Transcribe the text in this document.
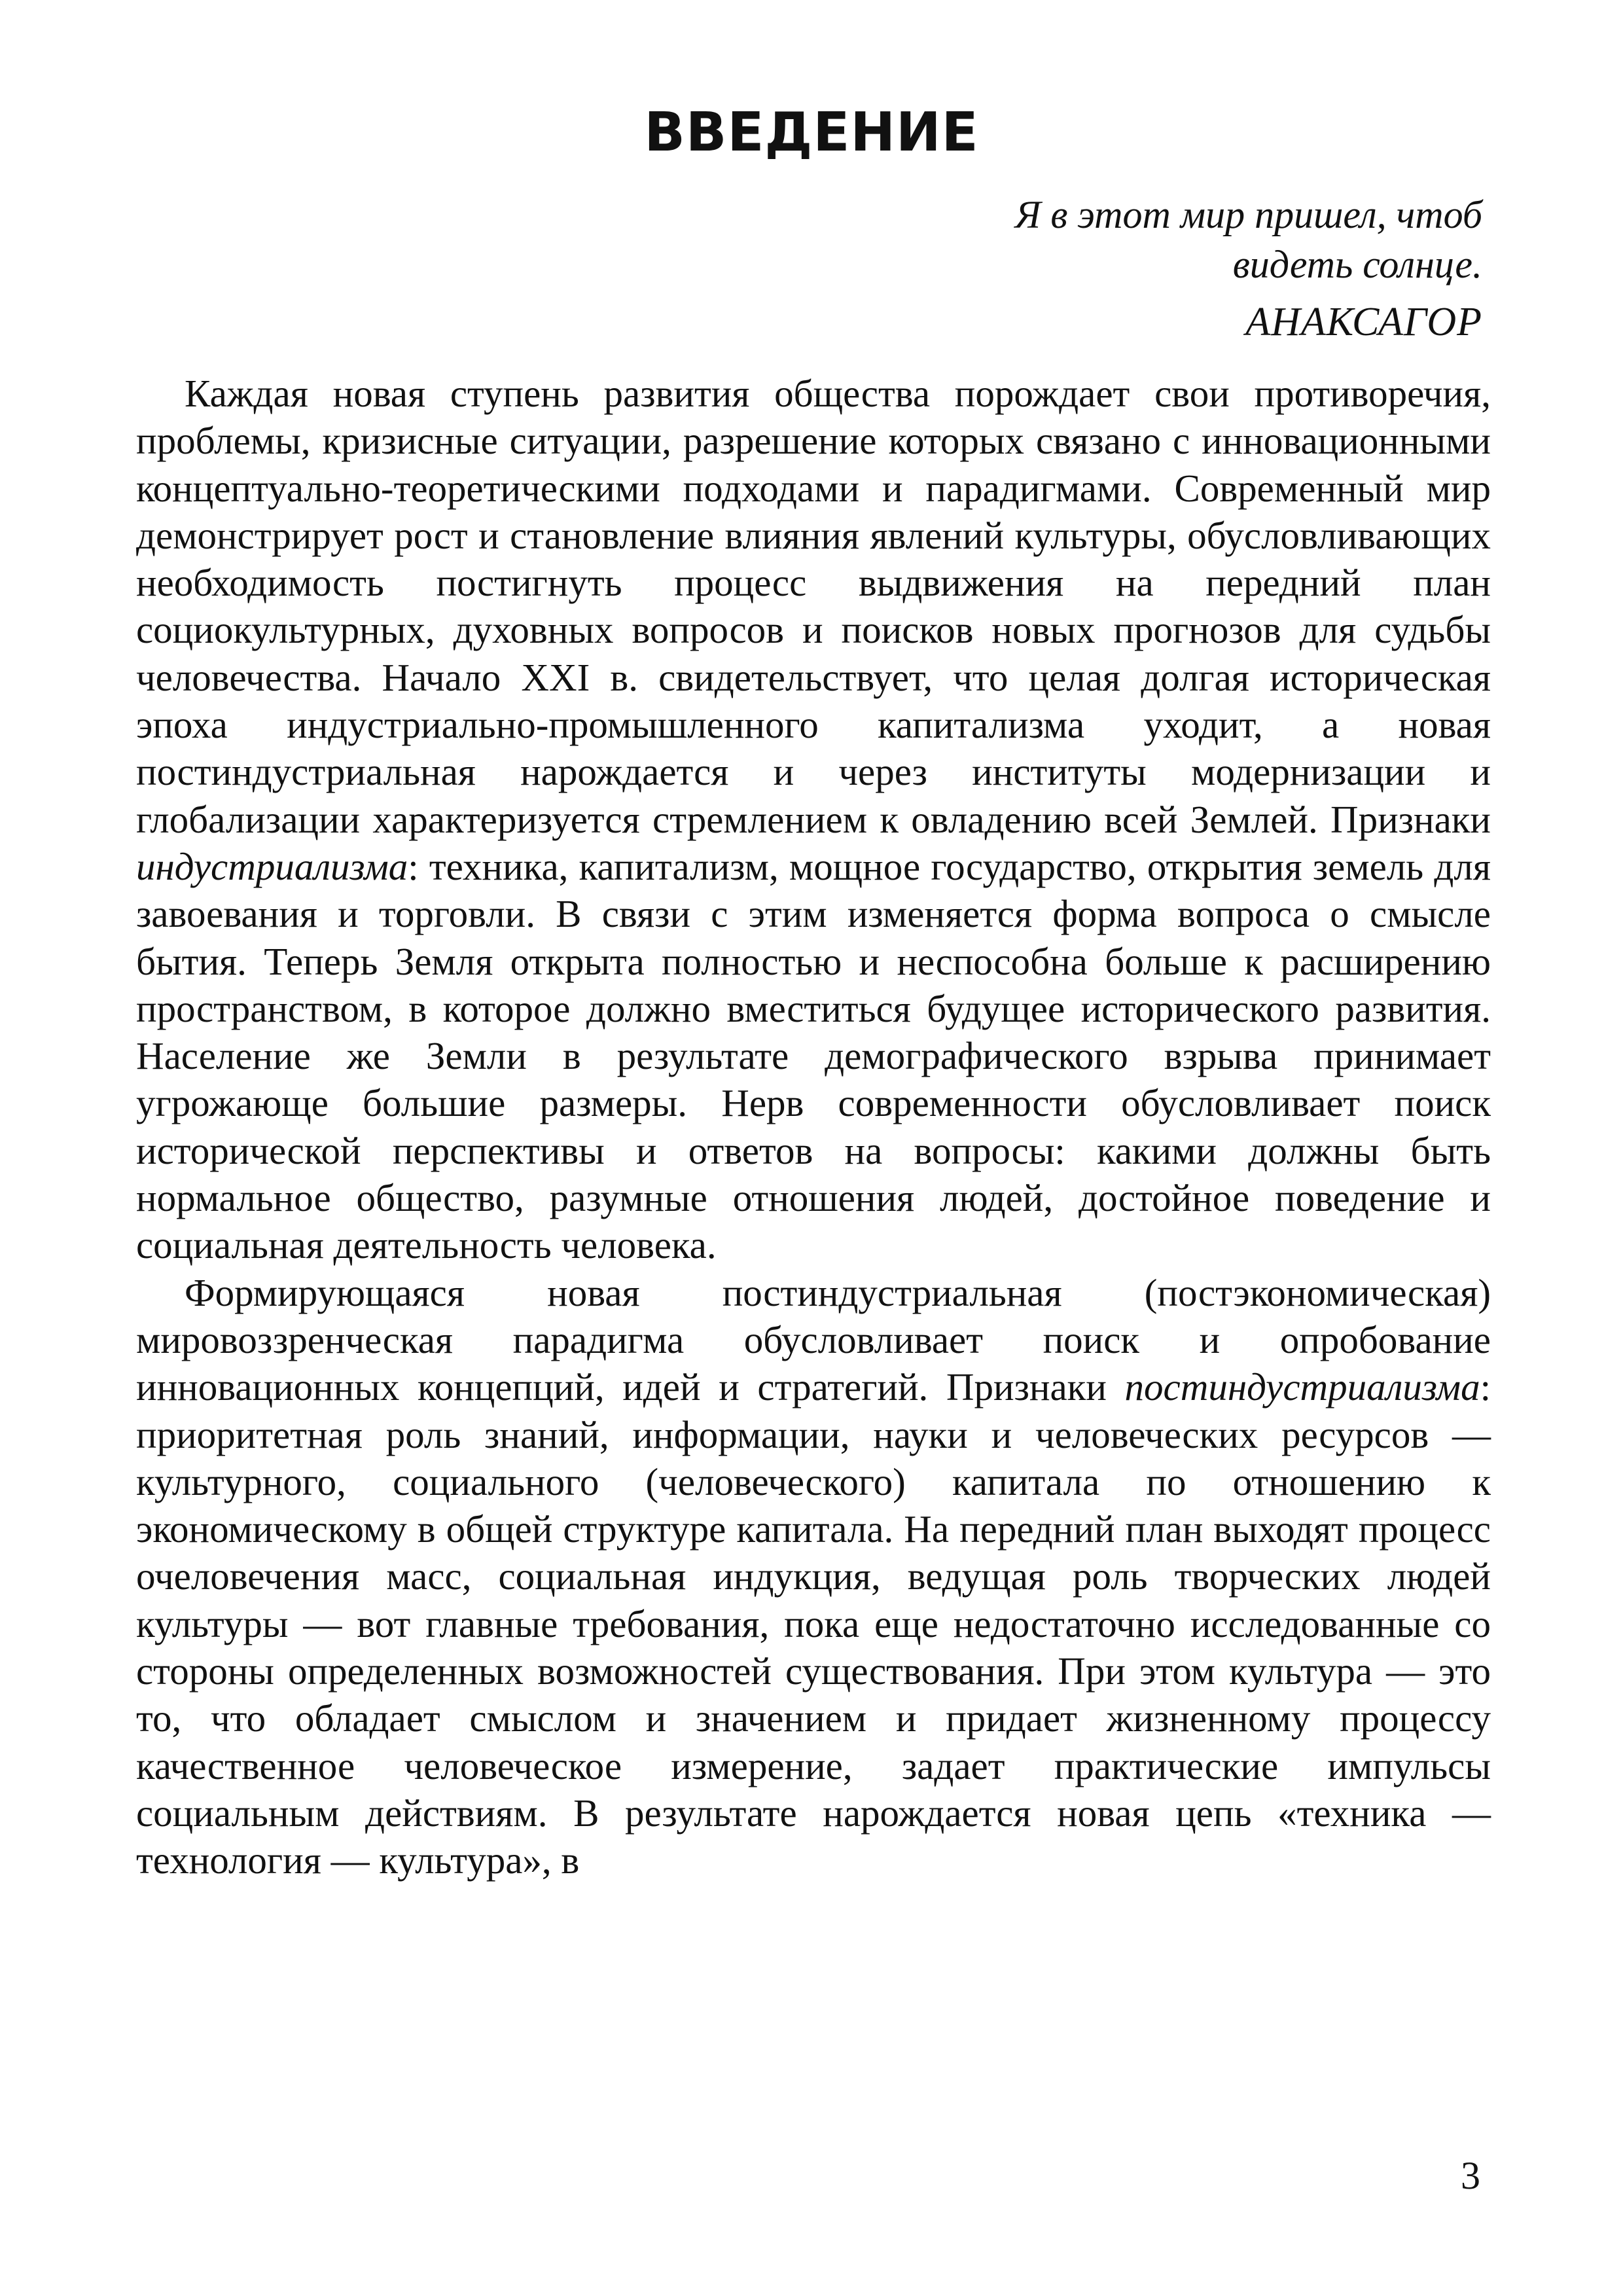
ВВЕДЕНИЕ
Я в этот мир пришел, чтоб
видеть солнце.
АНАКСАГОР

Каждая новая ступень развития общества порождает свои противоречия, проблемы, кризисные ситуации, разрешение которых связано с инновационными концептуально-теоретическими подходами и парадигмами. Современный мир демонстрирует рост и становление влияния явлений культуры, обусловливающих необходимость постигнуть процесс выдвижения на передний план социокультурных, духовных вопросов и поисков новых прогнозов для судьбы человечества. Начало XXI в. свидетельствует, что целая долгая историческая эпоха индустриально-промышленного капитализма уходит, а новая постиндустриальная нарождается и через институты модернизации и глобализации характеризуется стремлением к овладению всей Землей. Признаки индустриализма: техника, капитализм, мощное государство, открытия земель для завоевания и торговли. В связи с этим изменяется форма вопроса о смысле бытия. Теперь Земля открыта полностью и неспособна больше к расширению пространством, в которое должно вместиться будущее исторического развития. Население же Земли в результате демографического взрыва принимает угрожающе большие размеры. Нерв современности обусловливает поиск исторической перспективы и ответов на вопросы: какими должны быть нормальное общество, разумные отношения людей, достойное поведение и социальная деятельность человека.

Формирующаяся новая постиндустриальная (постэкономическая) мировоззренческая парадигма обусловливает поиск и опробование инновационных концепций, идей и стратегий. Признаки постиндустриализма: приоритетная роль знаний, информации, науки и человеческих ресурсов — культурного, социального (человеческого) капитала по отношению к экономическому в общей структуре капитала. На передний план выходят процесс очеловечения масс, социальная индукция, ведущая роль творческих людей культуры — вот главные требования, пока еще недостаточно исследованные со стороны определенных возможностей существования. При этом культура — это то, что обладает смыслом и значением и придает жизненному процессу качественное человеческое измерение, задает практические импульсы социальным действиям. В результате нарождается новая цепь «техника — технология — культура», в

3
